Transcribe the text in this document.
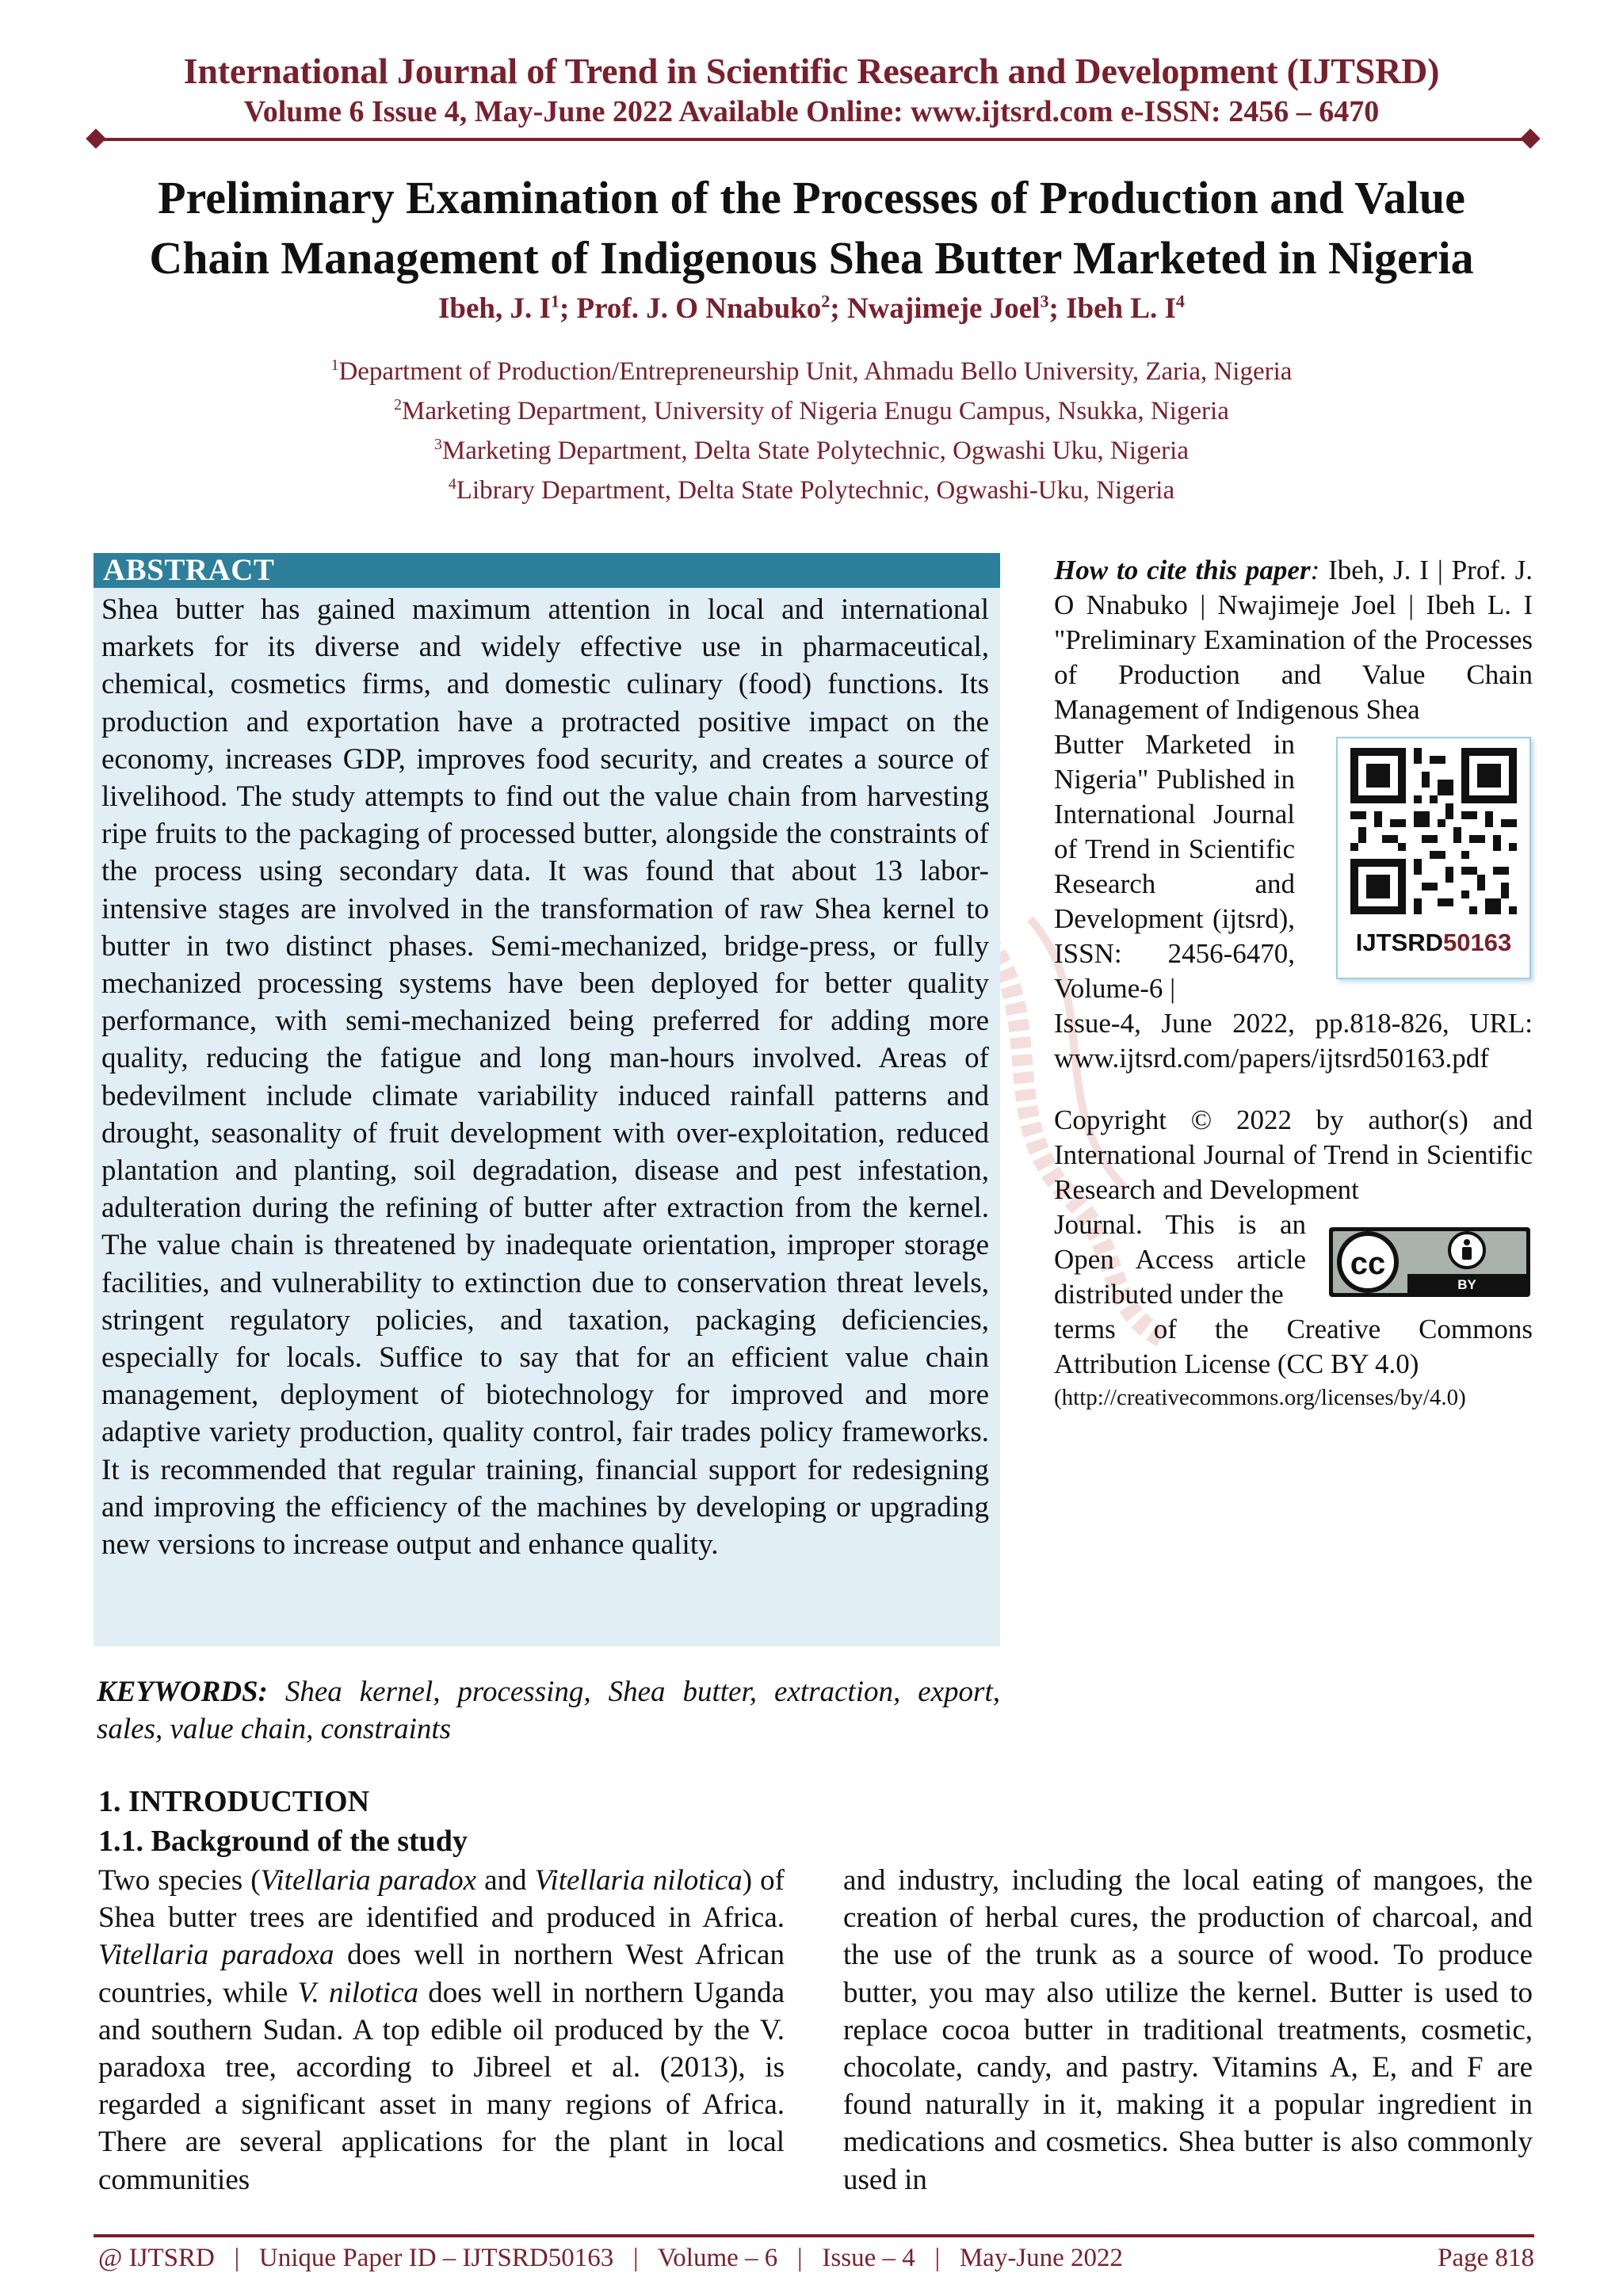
International Journal of Trend in Scientific Research and Development (IJTSRD)
Volume 6 Issue 4, May-June 2022 Available Online: www.ijtsrd.com e-ISSN: 2456 – 6470
Preliminary Examination of the Processes of Production and Value
Chain Management of Indigenous Shea Butter Marketed in Nigeria
Ibeh, J. $I^1$; Prof. J. O Nnabuko$^2$; Nwajimeje Joel$^3$; Ibeh L. $I^4$
$^1$Department of Production/Entrepreneurship Unit, Ahmadu Bello University, Zaria, Nigeria
$^2$Marketing Department, University of Nigeria Enugu Campus, Nsukka, Nigeria
$^3$Marketing Department, Delta State Polytechnic, Ogwashi Uku, Nigeria
$^4$Library Department, Delta State Polytechnic, Ogwashi-Uku, Nigeria
ABSTRACT
Shea butter has gained maximum attention in local and international markets for its diverse and widely effective use in pharmaceutical, chemical, cosmetics firms, and domestic culinary (food) functions. Its production and exportation have a protracted positive impact on the economy, increases GDP, improves food security, and creates a source of livelihood. The study attempts to find out the value chain from harvesting ripe fruits to the packaging of processed butter, alongside the constraints of the process using secondary data. It was found that about 13 labor-intensive stages are involved in the transformation of raw Shea kernel to butter in two distinct phases. Semi-mechanized, bridge-press, or fully mechanized processing systems have been deployed for better quality performance, with semi-mechanized being preferred for adding more quality, reducing the fatigue and long man-hours involved. Areas of bedevilment include climate variability induced rainfall patterns and drought, seasonality of fruit development with over-exploitation, reduced plantation and planting, soil degradation, disease and pest infestation, adulteration during the refining of butter after extraction from the kernel. The value chain is threatened by inadequate orientation, improper storage facilities, and vulnerability to extinction due to conservation threat levels, stringent regulatory policies, and taxation, packaging deficiencies, especially for locals. Suffice to say that for an efficient value chain management, deployment of biotechnology for improved and more adaptive variety production, quality control, fair trades policy frameworks. It is recommended that regular training, financial support for redesigning and improving the efficiency of the machines by developing or upgrading new versions to increase output and enhance quality.
KEYWORDS: Shea kernel, processing, Shea butter, extraction, export, sales, value chain, constraints
How to cite this paper: Ibeh, J. I | Prof. J. O Nnabuko | Nwajimeje Joel | Ibeh L. I "Preliminary Examination of the Processes of Production and Value Chain Management of Indigenous Shea
Butter Marketed in Nigeria" Published in International Journal of Trend in Scientific Research and Development (ijtsrd), ISSN: 2456-6470, Volume-6 |
IJTSRD50163
Issue-4, June 2022, pp.818-826, URL: www.ijtsrd.com/papers/ijtsrd50163.pdf
Copyright © 2022 by author(s) and International Journal of Trend in Scientific Research and Development
Journal. This is an Open Access article distributed under the
cc
BY
terms of the Creative Commons Attribution License (CC BY 4.0)
(http://creativecommons.org/licenses/by/4.0)
1. INTRODUCTION
1.1. Background of the study
Two species (Vitellaria paradox and Vitellaria nilotica) of Shea butter trees are identified and produced in Africa. Vitellaria paradoxa does well in northern West African countries, while V. nilotica does well in northern Uganda and southern Sudan. A top edible oil produced by the V. paradoxa tree, according to Jibreel et al. (2013), is regarded a significant asset in many regions of Africa. There are several applications for the plant in local communities
and industry, including the local eating of mangoes, the creation of herbal cures, the production of charcoal, and the use of the trunk as a source of wood. To produce butter, you may also utilize the kernel. Butter is used to replace cocoa butter in traditional treatments, cosmetic, chocolate, candy, and pastry. Vitamins A, E, and F are found naturally in it, making it a popular ingredient in medications and cosmetics. Shea butter is also commonly used in
@ IJTSRD   |   Unique Paper ID – IJTSRD50163   |   Volume – 6   |   Issue – 4   |   May-June 2022	Page 818
